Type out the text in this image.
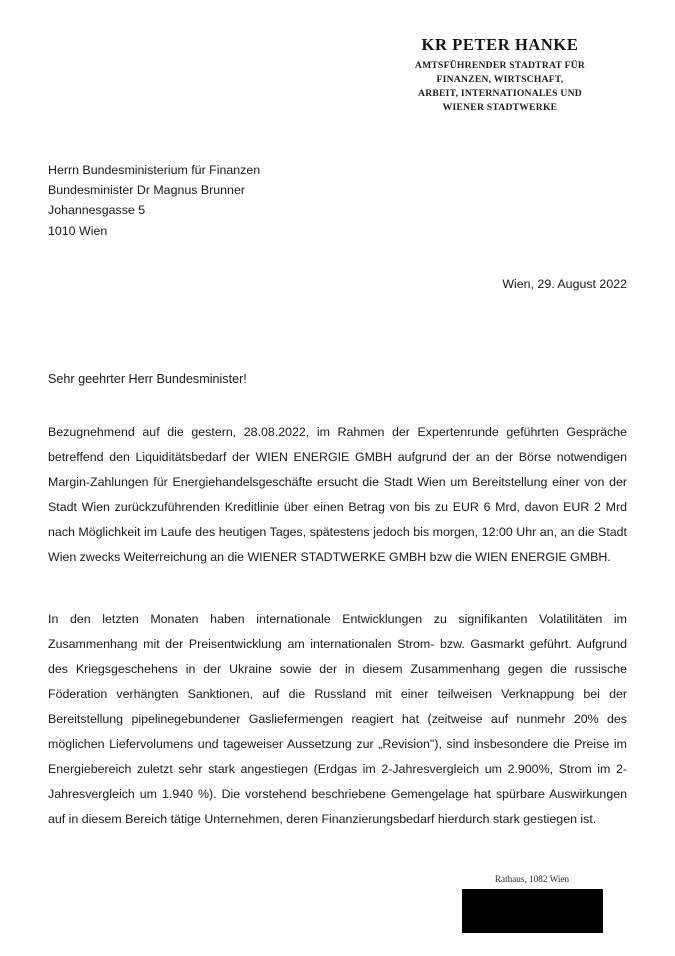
KR PETER HANKE
AMTSFÜHRENDER STADTRAT FÜR
FINANZEN, WIRTSCHAFT,
ARBEIT, INTERNATIONALES UND
WIENER STADTWERKE
Herrn Bundesministerium für Finanzen
Bundesminister Dr Magnus Brunner
Johannesgasse 5
1010 Wien
Wien, 29. August 2022
Sehr geehrter Herr Bundesminister!

Bezugnehmend auf die gestern, 28.08.2022, im Rahmen der Expertenrunde geführten Gespräche betreffend den Liquiditätsbedarf der WIEN ENERGIE GMBH aufgrund der an der Börse notwendigen Margin-Zahlungen für Energiehandelsgeschäfte ersucht die Stadt Wien um Bereitstellung einer von der Stadt Wien zurückzuführenden Kreditlinie über einen Betrag von bis zu EUR 6 Mrd, davon EUR 2 Mrd nach Möglichkeit im Laufe des heutigen Tages, spätestens jedoch bis morgen, 12:00 Uhr an, an die Stadt Wien zwecks Weiterreichung an die WIENER STADTWERKE GMBH bzw die WIEN ENERGIE GMBH.

In den letzten Monaten haben internationale Entwicklungen zu signifikanten Volatilitäten im Zusammenhang mit der Preisentwicklung am internationalen Strom- bzw. Gasmarkt geführt. Aufgrund des Kriegsgeschehens in der Ukraine sowie der in diesem Zusammenhang gegen die russische Föderation verhängten Sanktionen, auf die Russland mit einer teilweisen Verknappung bei der Bereitstellung pipelinegebundener Gasliefermengen reagiert hat (zeitweise auf nunmehr 20% des möglichen Liefervolumens und tageweiser Aussetzung zur „Revision"), sind insbesondere die Preise im Energiebereich zuletzt sehr stark angestiegen (Erdgas im 2-Jahresvergleich um 2.900%, Strom im 2-Jahresvergleich um 1.940 %). Die vorstehend beschriebene Gemengelage hat spürbare Auswirkungen auf in diesem Bereich tätige Unternehmen, deren Finanzierungsbedarf hierdurch stark gestiegen ist.

Rathaus, 1082 Wien
